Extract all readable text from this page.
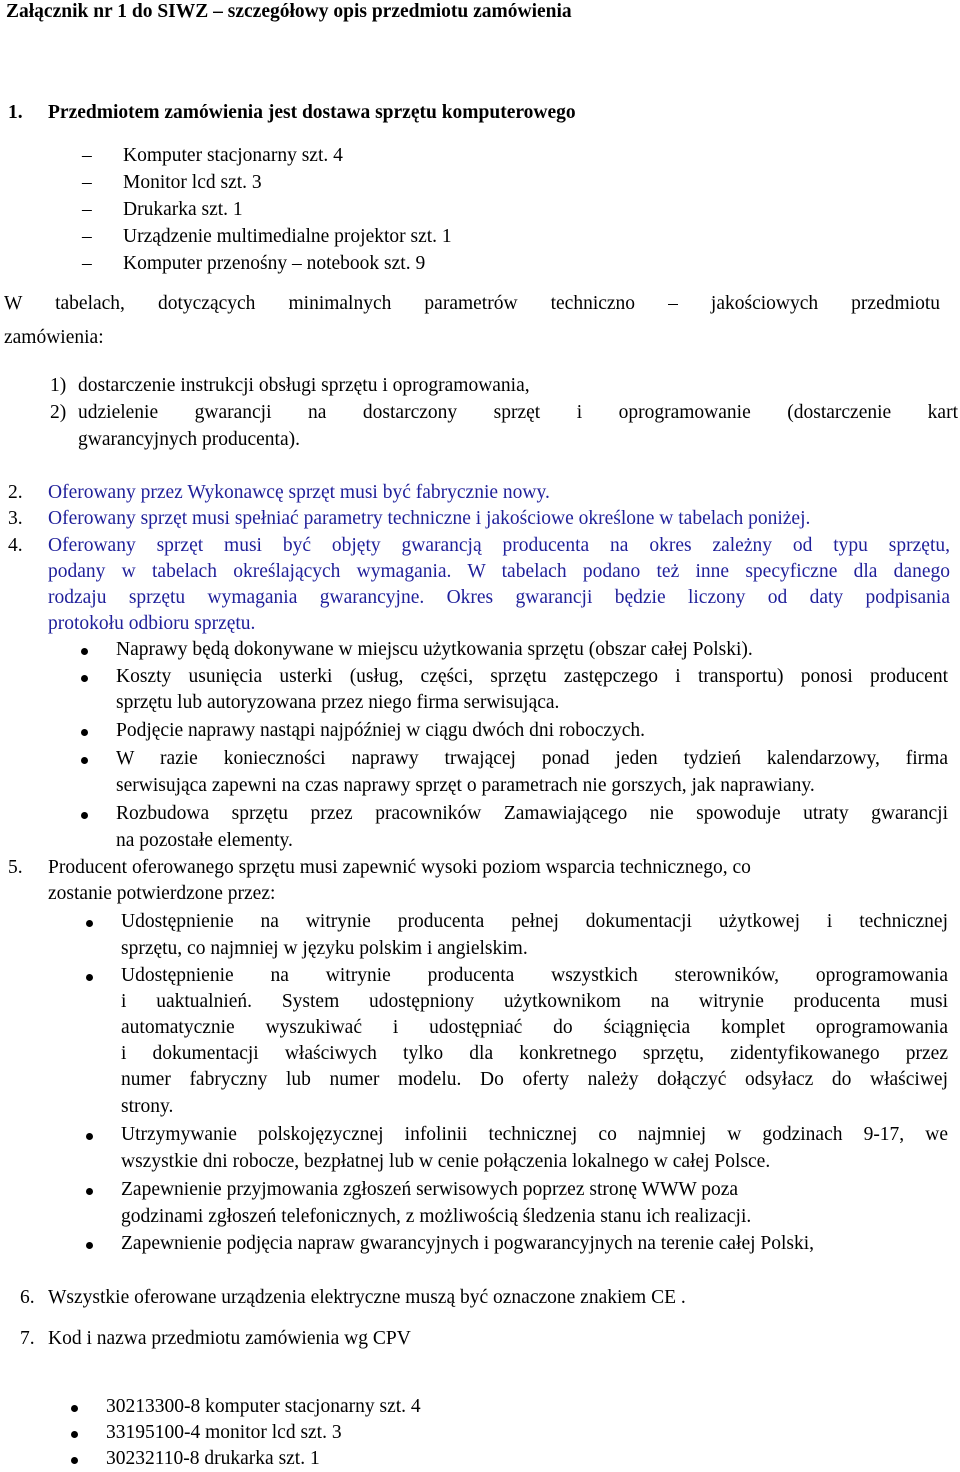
Załącznik nr 1 do SIWZ – szczegółowy opis przedmiotu zamówienia
1. Przedmiotem zamówienia jest dostawa sprzętu komputerowego
– Komputer stacjonarny szt. 4
– Monitor lcd szt. 3
– Drukarka szt. 1
– Urządzenie multimedialne projektor szt. 1
– Komputer przenośny – notebook szt. 9
W tabelach, dotyczących minimalnych parametrów techniczno – jakościowych przedmiotu
zamówienia:
1) dostarczenie instrukcji obsługi sprzętu i oprogramowania,
2) udzielenie gwarancji na dostarczony sprzęt i oprogramowanie (dostarczenie kart
gwarancyjnych producenta).
2. Oferowany przez Wykonawcę sprzęt musi być fabrycznie nowy.
3. Oferowany sprzęt musi spełniać parametry techniczne i jakościowe określone w tabelach poniżej.
4. Oferowany sprzęt musi być objęty gwarancją producenta na okres zależny od typu sprzętu,
podany w tabelach określających wymagania. W tabelach podano też inne specyficzne dla danego
rodzaju sprzętu wymagania gwarancyjne. Okres gwarancji będzie liczony od daty podpisania
protokołu odbioru sprzętu.
Naprawy będą dokonywane w miejscu użytkowania sprzętu (obszar całej Polski).
Koszty usunięcia usterki (usług, części, sprzętu zastępczego i transportu) ponosi producent
sprzętu lub autoryzowana przez niego firma serwisująca.
Podjęcie naprawy nastąpi najpóźniej w ciągu dwóch dni roboczych.
W razie konieczności naprawy trwającej ponad jeden tydzień kalendarzowy, firma
serwisująca zapewni na czas naprawy sprzęt o parametrach nie gorszych, jak naprawiany.
Rozbudowa sprzętu przez pracowników Zamawiającego nie spowoduje utraty gwarancji
na pozostałe elementy.
5. Producent oferowanego sprzętu musi zapewnić wysoki poziom wsparcia technicznego, co
zostanie potwierdzone przez:
Udostępnienie na witrynie producenta pełnej dokumentacji użytkowej i technicznej
sprzętu, co najmniej w języku polskim i angielskim.
Udostępnienie na witrynie producenta wszystkich sterowników, oprogramowania
i uaktualnień. System udostępniony użytkownikom na witrynie producenta musi
automatycznie wyszukiwać i udostępniać do ściągnięcia komplet oprogramowania
i dokumentacji właściwych tylko dla konkretnego sprzętu, zidentyfikowanego przez
numer fabryczny lub numer modelu. Do oferty należy dołączyć odsyłacz do właściwej
strony.
Utrzymywanie polskojęzycznej infolinii technicznej co najmniej w godzinach 9-17, we
wszystkie dni robocze, bezpłatnej lub w cenie połączenia lokalnego w całej Polsce.
Zapewnienie przyjmowania zgłoszeń serwisowych poprzez stronę WWW poza
godzinami zgłoszeń telefonicznych, z możliwością śledzenia stanu ich realizacji.
Zapewnienie podjęcia napraw gwarancyjnych i pogwarancyjnych na terenie całej Polski,
6. Wszystkie oferowane urządzenia elektryczne muszą być oznaczone znakiem CE .
7. Kod i nazwa przedmiotu zamówienia wg CPV
30213300-8 komputer stacjonarny szt. 4
33195100-4 monitor lcd szt. 3
30232110-8 drukarka szt. 1
